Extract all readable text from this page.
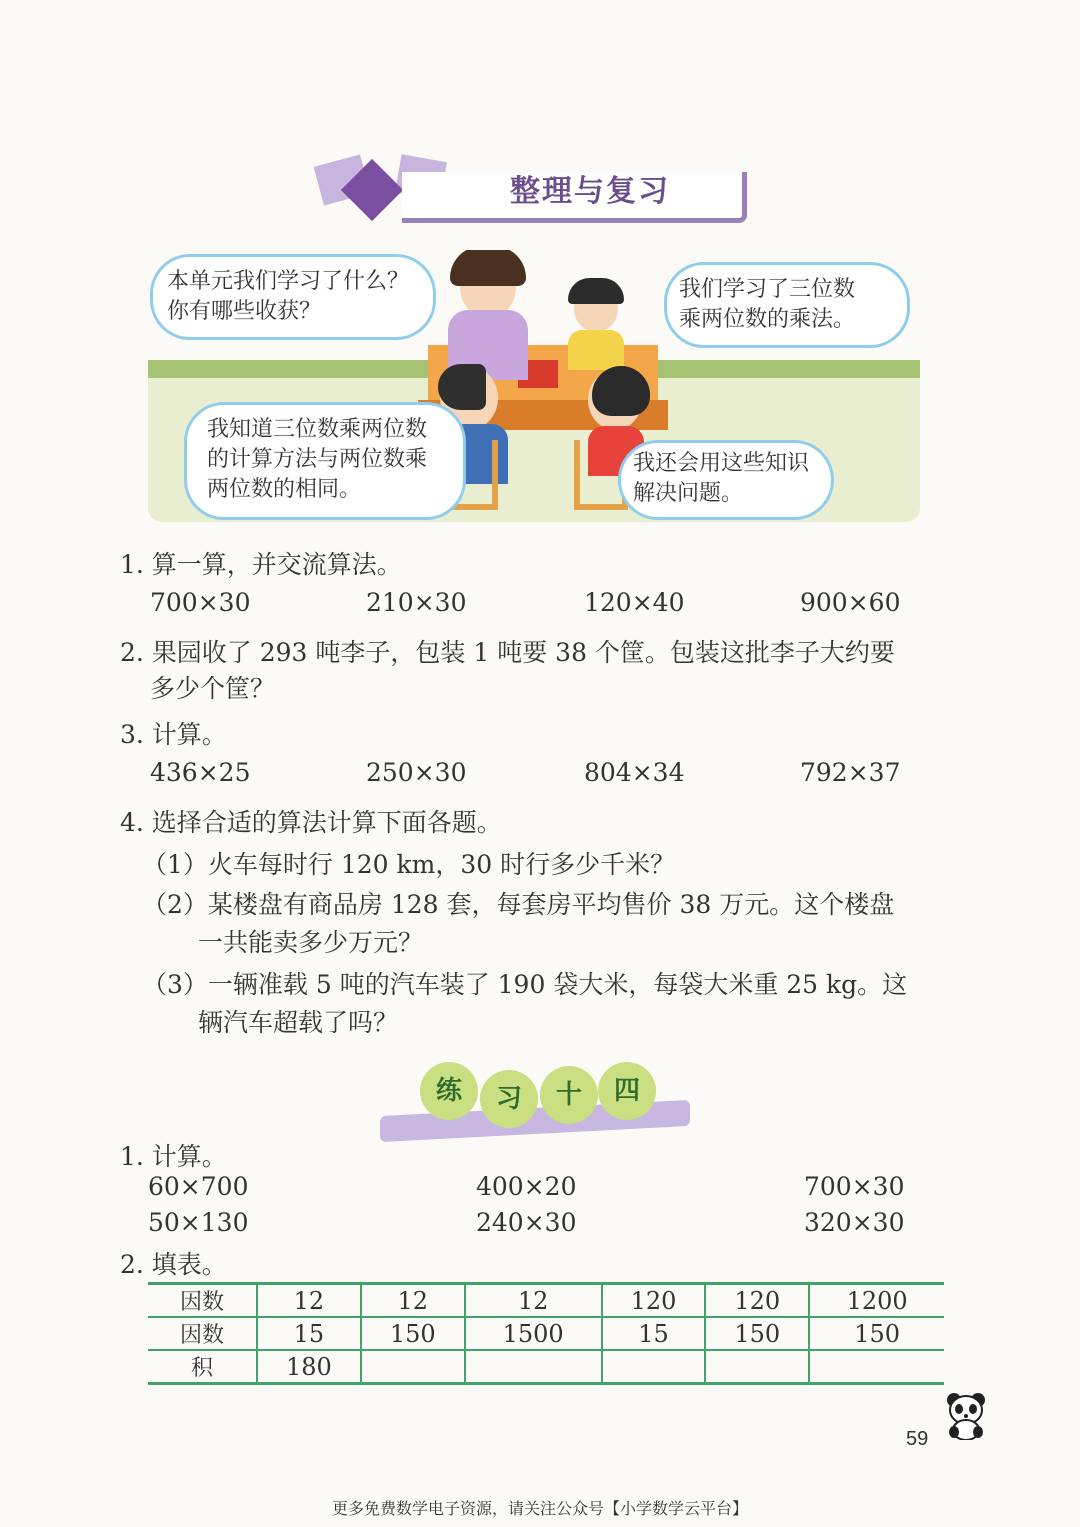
整理与复习
本单元我们学习了什么？
你有哪些收获？
我们学习了三位数
乘两位数的乘法。
我知道三位数乘两位数
的计算方法与两位数乘
两位数的相同。
我还会用这些知识
解决问题。
1. 算一算，并交流算法。
700×30	210×30	120×40	900×60
2. 果园收了 293 吨李子，包装 1 吨要 38 个筐。包装这批李子大约要
多少个筐？
3. 计算。
436×25	250×30	804×34	792×37
4. 选择合适的算法计算下面各题。
（1）火车每时行 120 km，30 时行多少千米？
（2）某楼盘有商品房 128 套，每套房平均售价 38 万元。这个楼盘
一共能卖多少万元？
（3）一辆准载 5 吨的汽车装了 190 袋大米，每袋大米重 25 kg。这
辆汽车超载了吗？
练	习	十	四
1. 计算。
60×700	400×20	700×30
50×130	240×30	320×30
2. 填表。
因数	12	12	12	120	120	1200
因数	15	150	1500	15	150	150
积	180					
59
更多免费数学电子资源，请关注公众号【小学数学云平台】
